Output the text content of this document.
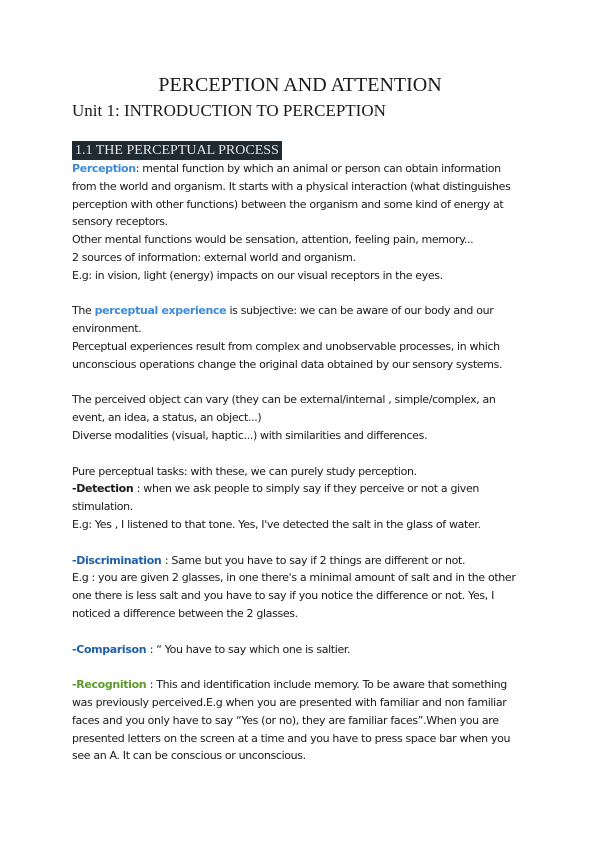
PERCEPTION AND ATTENTION
Unit 1: INTRODUCTION TO PERCEPTION
1.1 THE PERCEPTUAL PROCESS

Perception: mental function by which an animal or person can obtain information from the world and organism. It starts with a physical interaction (what distinguishes perception with other functions) between the organism and some kind of energy at sensory receptors.

Other mental functions would be sensation, attention, feeling pain, memory...

2 sources of information: external world and organism.

E.g: in vision, light (energy) impacts on our visual receptors in the eyes.

The perceptual experience is subjective: we can be aware of our body and our environment.

Perceptual experiences result from complex and unobservable processes, in which unconscious operations change the original data obtained by our sensory systems.

The perceived object can vary (they can be external/internal , simple/complex, an event, an idea, a status, an object...)

Diverse modalities (visual, haptic...) with similarities and differences.

Pure perceptual tasks: with these, we can purely study perception.

-Detection : when we ask people to simply say if they perceive or not a given stimulation.

E.g: Yes , I listened to that tone. Yes, I've detected the salt in the glass of water.

-Discrimination : Same but you have to say if 2 things are different or not.

E.g : you are given 2 glasses, in one there's a minimal amount of salt and in the other one there is less salt and you have to say if you notice the difference or not. Yes, I noticed a difference between the 2 glasses.

-Comparison : “ You have to say which one is saltier.

-Recognition : This and identification include memory. To be aware that something was previously perceived.E.g when you are presented with familiar and non familiar faces and you only have to say “Yes (or no), they are familiar faces”.When you are presented letters on the screen at a time and you have to press space bar when you see an A. It can be conscious or unconscious.
